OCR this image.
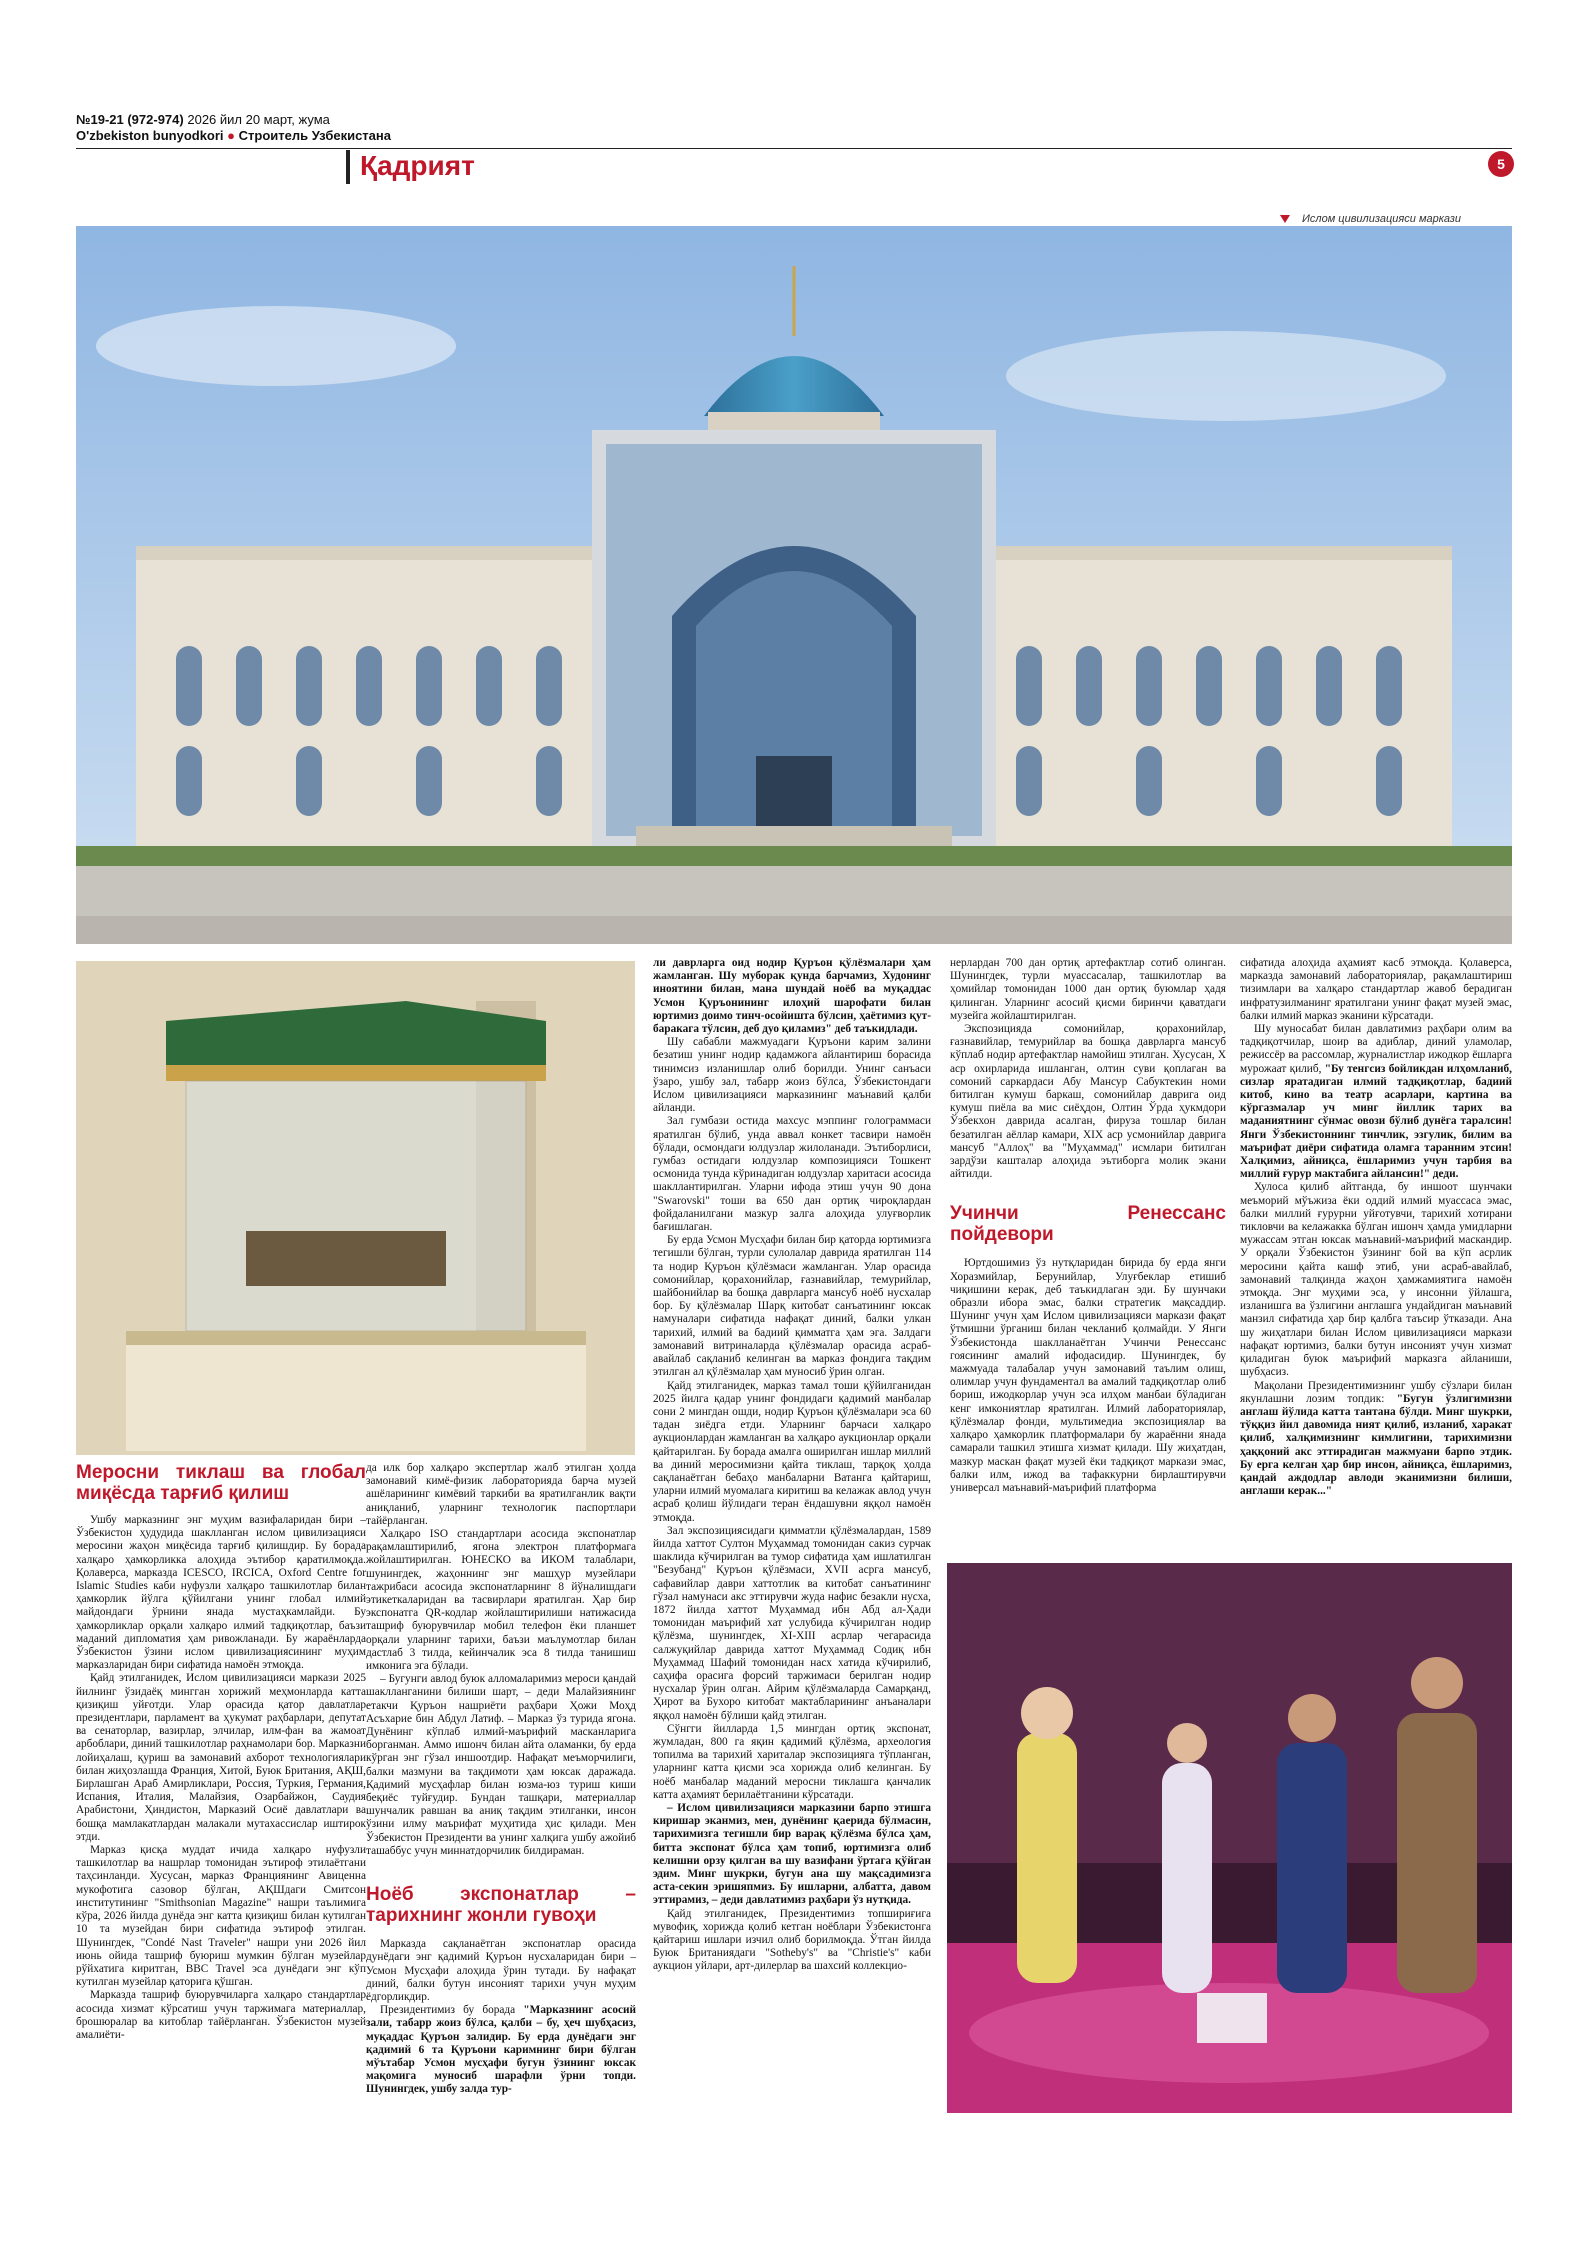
№19-21 (972-974) 2026 йил 20 март, жума
O'zbekiston bunyodkori ● Строитель Узбекистана
Қадрият	5
Ислом цивилизацияси маркази
Меросни тиклаш ва глобал миқёсда тарғиб қилиш

Ушбу марказнинг энг муҳим вазифаларидан бири – Ўзбекистон ҳудудида шаклланган ислом цивилизацияси меросини жаҳон миқёсида тарғиб қилишдир. Бу борада халқаро ҳамкорликка алоҳида эътибор қаратилмоқда. Қолаверса, марказда ICESCO, IRCICA, Oxford Centre for Islamic Studies каби нуфузли халқаро ташкилотлар билан ҳамкорлик йўлга қўйилгани унинг глобал илмий майдондаги ўрнини янада мустаҳкамлайди. Бу ҳамкорликлар орқали халқаро илмий тадқиқотлар, баъзи маданий дипломатия ҳам ривожланади. Бу жараёнларда Ўзбекистон ўзини ислом цивилизациясининг муҳим марказларидан бири сифатида намоён этмоқда.

Қайд этилганидек, Ислом цивилизацияси маркази 2025 йилнинг ўзидаёқ мингган хорижий меҳмонларда катта қизиқиш уйғотди. Улар орасида қатор давлатлар президентлари, парламент ва ҳукумат раҳбарлари, депутат ва сенаторлар, вазирлар, элчилар, илм-фан ва жамоат арбоблари, диний ташкилотлар раҳнамолари бор. Марказни лойиҳалаш, қуриш ва замонавий ахборот технологиялари билан жиҳозлашда Франция, Хитой, Буюк Британия, АҚШ, Бирлашган Араб Амирликлари, Россия, Туркия, Германия, Испания, Италия, Малайзия, Озарбайжон, Саудия Арабистони, Ҳиндистон, Марказий Осиё давлатлари ва бошқа мамлакатлардан малакали мутахассислар иштирок этди.

Марказ қисқа муддат ичида халқаро нуфузли ташкилотлар ва нашрлар томонидан эътироф этилаётгани таҳсинланди. Хусусан, марказ Франциянинг Авиценна мукофотига сазовор бўлган, АҚШдаги Смитсон институтининг "Smithsonian Magazine" нашри таълимига кўра, 2026 йилда дунёда энг катта қизиқиш билан кутилган 10 та музейдан бири сифатида эътироф этилган. Шунингдек, "Condé Nast Traveler" нашри уни 2026 йил июнь ойида ташриф буюриш мумкин бўлган музейлар рўйхатига киритган, BBC Travel эса дунёдаги энг кўп кутилган музейлар қаторига қўшган.

Марказда ташриф буюрувчиларга халқаро стандартлар асосида хизмат кўрсатиш учун таржимага материаллар, брошюралар ва китоблар тайёрланган. Ўзбекистон музей амалиёти-

да илк бор халқаро экспертлар жалб этилган ҳолда замонавий кимё-физик лабораторияда барча музей ашёларининг кимёвий таркиби ва яратилганлик вақти аниқланиб, уларнинг технологик паспортлари тайёрланган.

Халқаро ISO стандартлари асосида экспонатлар рақамлаштирилиб, ягона электрон платформага жойлаштирилган. ЮНЕСКО ва ИКОМ талаблари, шунингдек, жаҳоннинг энг машҳур музейлари тажрибаси асосида экспонатларнинг 8 йўналишдаги этикеткаларидан ва тасвирлари яратилган. Ҳар бир экспонатга QR-кодлар жойлаштирилиши натижасида ташриф буюрувчилар мобил телефон ёки планшет орқали уларнинг тарихи, баъзи маълумотлар билан дастлаб 3 тилда, кейинчалик эса 8 тилда танишиш имконига эга бўлади.

– Бугунги авлод буюк алломаларимиз мероси қандай шаклланганини билиши шарт, – деди Малайзиянинг етакчи Қуръон нашриёти раҳбари Ҳожи Моҳд Асъхарие бин Абдул Латиф. – Марказ ўз турида ягона. Дунёнинг кўплаб илмий-маърифий масканларига борганман. Аммо ишонч билан айта оламанки, бу ерда кўрган энг гўзал иншоотдир. Нафақат меъморчилиги, балки мазмуни ва тақдимоти ҳам юксак даражада. Қадимий мусҳафлар билан юзма-юз туриш киши беқиёс туйғудир. Бундан ташқари, материаллар шунчалик равшан ва аниқ тақдим этилганки, инсон ўзини илму маърифат муҳитида ҳис қилади. Мен Ўзбекистон Президенти ва унинг халқига ушбу ажойиб ташаббус учун миннатдорчилик билдираман.

Ноёб экспонатлар – тарихнинг жонли гувоҳи

Марказда сақланаётган экспонатлар орасида дунёдаги энг қадимий Қуръон нусхаларидан бири – Усмон Мусҳафи алоҳида ўрин тутади. Бу нафақат диний, балки бутун инсоният тарихи учун муҳим ёдгорликдир.

Президентимиз бу борада "Марказнинг асосий зали, табарр жоиз бўлса, қалби – бу, ҳеч шубҳасиз, муқаддас Қуръон залидир. Бу ерда дунёдаги энг қадимий 6 та Қуръони каримнинг бири бўлган мўътабар Усмон мусҳафи бугун ўзининг юксак мақомига муносиб шарафли ўрни топди. Шунингдек, ушбу залда тур-

ли даврларга оид нодир Қуръон қўлёзмалари ҳам жамланган. Шу муборак қунда барчамиз, Худонинг иноятини билан, мана шундай ноёб ва муқаддас Усмон Қуръонининг илоҳий шарофати билан юртимиз доимо тинч-осойишта бўлсин, ҳаётимиз қут-баракага тўлсин, деб дуо қиламиз" деб таъкидлади.

Шу сабабли мажмуадаги Қуръони карим залини безатиш унинг нодир қадамжога айлантириш борасида тинимсиз изланишлар олиб борилди. Унинг санъаси ўзаро, ушбу зал, табарр жоиз бўлса, Ўзбекистондаги Ислом цивилизацияси марказининг маънавий қалби айланди.

Зал гумбази остида махсус мэппинг голограммаси яратилган бўлиб, унда аввал конкет тасвири намоён бўлади, осмондаги юлдузлар жилоланади. Эътиборлиси, гумбаз остидаги юлдузлар композицияси Тошкент осмонида тунда кўринадиган юлдузлар харитаси асосида шакллантирилган. Уларни ифода этиш учун 90 дона "Swarovski" тоши ва 650 дан ортиқ чироқлардан фойдаланилгани мазкур залга алоҳида улуғворлик бағишлаган.

Бу ерда Усмон Мусҳафи билан бир қаторда юртимизга тегишли бўлган, турли сулолалар даврида яратилган 114 та нодир Қуръон қўлёзмаси жамланган. Улар орасида сомонийлар, қорахонийлар, ғазнавийлар, темурийлар, шайбонийлар ва бошқа даврларга мансуб ноёб нусхалар бор. Бу қўлёзмалар Шарқ китобат санъатининг юксак намуналари сифатида нафақат диний, балки улкан тарихий, илмий ва бадиий қимматга ҳам эга. Залдаги замонавий витриналарда қўлёзмалар орасида асраб-авайлаб сақланиб келинган ва марказ фондига тақдим этилган ал қўлёзмалар ҳам муносиб ўрин олган.

Қайд этилганидек, марказ тамал тоши қўйилганидан 2025 йилга қадар унинг фондидаги қадимий манбалар сони 2 мингдан ошди, нодир Қуръон қўлёзмалари эса 60 тадан зиёдга етди. Уларнинг барчаси халқаро аукционлардан жамланган ва халқаро аукционлар орқали қайтарилган. Бу борада амалга оширилган ишлар миллий ва диний меросимизни қайта тиклаш, тарқоқ ҳолда сақланаётган бебаҳо манбаларни Ватанга қайтариш, уларни илмий муомалага киритиш ва келажак авлод учун асраб қолиш йўлидаги теран ёндашувни яққол намоён этмоқда.

Зал экспозициясидаги қимматли қўлёзмалардан, 1589 йилда хаттот Султон Муҳаммад томонидан сакиз сурчак шаклида кўчирилган ва тумор сифатида ҳам ишлатилган "Безубанд" Қуръон қўлёзмаси, XVII асрга мансуб, сафавийлар даври хаттотлик ва китобат санъатининг гўзал намунаси акс эттирувчи жуда нафис безакли нусха, 1872 йилда хаттот Муҳаммад ибн Абд ал-Ҳади томонидан маърифий хат услубида кўчирилган нодир қўлёзма, шунингдек, XI-XIII асрлар чегарасида салжуқийлар даврида хаттот Муҳаммад Содиқ ибн Муҳаммад Шафий томонидан насх хатида кўчирилиб, саҳифа орасига форсий таржимаси берилган нодир нусхалар ўрин олган. Айрим қўлёзмаларда Самарқанд, Ҳирот ва Бухоро китобат мактабларининг анъаналари яққол намоён бўлиши қайд этилган.

Сўнгги йилларда 1,5 мингдан ортиқ экспонат, жумладан, 800 га яқин қадимий қўлёзма, археология топилма ва тарихий хариталар экспозицияга тўпланган, уларнинг катта қисми эса хорижда олиб келинган. Бу ноёб манбалар маданий меросни тиклашга қанчалик катта аҳамият берилаётганини кўрсатади.

– Ислом цивилизацияси марказини барпо этишга киришар эканмиз, мен, дунёнинг қаерида бўлмасин, тарихимизга тегишли бир варақ қўлёзма бўлса ҳам, битта экспонат бўлса ҳам топиб, юртимизга олиб келишни орзу қилган ва шу вазифани ўртага қўйган эдим. Минг шукрки, бугун ана шу мақсадимизга аста-секин эришяпмиз. Бу ишларни, албатта, давом эттирамиз, – деди давлатимиз раҳбари ўз нутқида.

Қайд этилганидек, Президентимиз топшириғига мувофиқ, хорижда қолиб кетган ноёблари Ўзбекистонга қайтариш ишлари изчил олиб борилмоқда. Ўтган йилда Буюк Британиядаги "Sotheby's" ва "Christie's" каби аукцион уйлари, арт-дилерлар ва шахсий коллекцио-

нерлардан 700 дан ортиқ артефактлар сотиб олинган. Шунингдек, турли муассасалар, ташкилотлар ва ҳомийлар томонидан 1000 дан ортиқ буюмлар ҳадя қилинган. Уларнинг асосий қисми биринчи қаватдаги музейга жойлаштирилган.

Экспозицияда сомонийлар, қорахонийлар, ғазнавийлар, темурийлар ва бошқа даврларга мансуб кўплаб нодир артефактлар намойиш этилган. Хусусан, X аср охирларида ишланган, олтин суви қоплаган ва сомоний саркардаси Абу Мансур Сабуктекин номи битилган кумуш баркаш, сомонийлар даврига оид кумуш пиёла ва мис сиёҳдон, Олтин Ўрда ҳукмдори Ўзбекхон даврида асалган, фируза тошлар билан безатилган аёллар камари, XIX аср усмонийлар даврига мансуб "Аллоҳ" ва "Муҳаммад" исмлари битилган зардўзи кашталар алоҳида эътиборга молик экани айтилди.

Учинчи Ренессанс пойдевори

Юртдошимиз ўз нутқларидан бирида бу ерда янги Хоразмийлар, Берунийлар, Улуғбеклар етишиб чиқишини керак, деб таъкидлаган эди. Бу шунчаки образли ибора эмас, балки стратегик мақсаддир. Шунинг учун ҳам Ислом цивилизацияси маркази фақат ўтмишни ўрганиш билан чекланиб қолмайди. У Янги Ўзбекистонда шаклланаётган Учинчи Ренессанс гоясининг амалий ифодасидир. Шунингдек, бу мажмуада талабалар учун замонавий таълим олиш, олимлар учун фундаментал ва амалий тадқиқотлар олиб бориш, ижодкорлар учун эса илҳом манбаи бўладиган кенг имкониятлар яратилган. Илмий лабораториялар, қўлёзмалар фонди, мультимедиа экспозициялар ва халқаро ҳамкорлик платформалари бу жараённи янада самарали ташкил этишга хизмат қилади. Шу жиҳатдан, мазкур маскан фақат музей ёки тадқиқот маркази эмас, балки илм, ижод ва тафаккурни бирлаштирувчи универсал маънавий-маърифий платформа

сифатида алоҳида аҳамият касб этмоқда. Қолаверса, марказда замонавий лабораториялар, рақамлаштириш тизимлари ва халқаро стандартлар жавоб берадиган инфратузилманинг яратилгани унинг фақат музей эмас, балки илмий марказ эканини кўрсатади.

Шу муносабат билан давлатимиз раҳбари олим ва тадқиқотчилар, шоир ва адиблар, диний уламолар, режиссёр ва рассомлар, журналистлар ижодкор ёшларга мурожаат қилиб, "Бу тенгсиз бойликдан илҳомланиб, сизлар яратадиган илмий тадқиқотлар, бадиий китоб, кино ва театр асарлари, картина ва кўргазмалар уч минг йиллик тарих ва маданиятнинг сўнмас овози бўлиб дунёга таралсин! Янги Ўзбекистоннинг тинчлик, эзгулик, билим ва маърифат диёри сифатида оламга таранним этсин! Халқимиз, айниқса, ёшларимиз учун тарбия ва миллий ғурур мактабига айлансин!" деди.

Хулоса қилиб айтганда, бу иншоот шунчаки меъморий мўъжиза ёки оддий илмий муассаса эмас, балки миллий ғурурни уйғотувчи, тарихий хотирани тикловчи ва келажакка бўлган ишонч ҳамда умидларни мужассам этган юксак маънавий-маърифий маскандир. У орқали Ўзбекистон ўзининг бой ва кўп асрлик меросини қайта кашф этиб, уни асраб-авайлаб, замонавий талқинда жаҳон ҳамжамиятига намоён этмоқда. Энг муҳими эса, у инсонни ўйлашга, изланишга ва ўзлигини англашга ундайдиган маънавий манзил сифатида ҳар бир қалбга таъсир ўтказади. Ана шу жиҳатлари билан Ислом цивилизацияси маркази нафақат юртимиз, балки бутун инсоният учун хизмат қиладиган буюк маърифий марказга айланиши, шубҳасиз.

Мақолани Президентимизнинг ушбу сўзлари билан якунлашни лозим топдик: "Бугун ўзлигимизни англаш йўлида катта тантана бўлди. Минг шукрки, тўққиз йил давомида ният қилиб, изланиб, харакат қилиб, халқимизнинг кимлигини, тарихимизни ҳаққоний акс эттирадиган мажмуани барпо этдик. Бу ерга келган ҳар бир инсон, айниқса, ёшларимиз, қандай аждодлар авлоди эканимизни билиши, англаши керак..."
